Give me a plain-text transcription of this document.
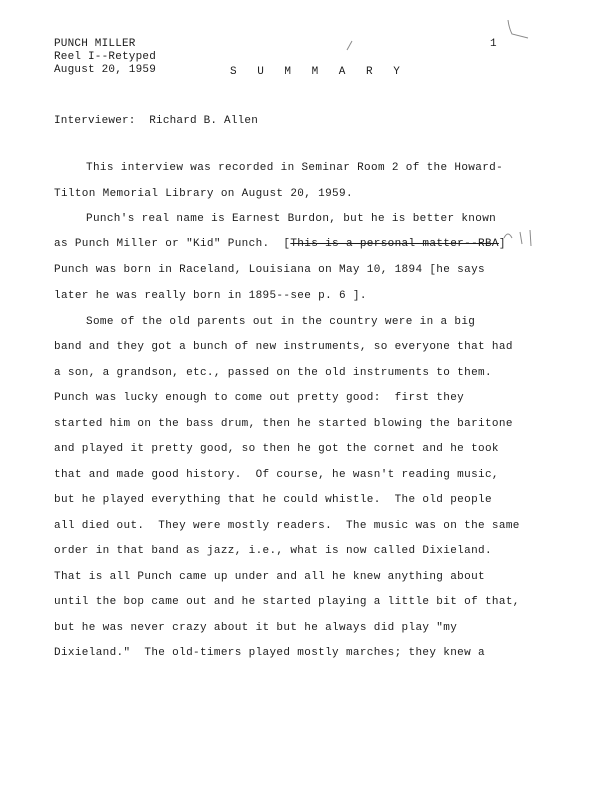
PUNCH MILLER
Reel I--Retyped
August 20, 1959	S U M M A R Y
1
Interviewer:  Richard B. Allen
This interview was recorded in Seminar Room 2 of the Howard-
Tilton Memorial Library on August 20, 1959.
Punch's real name is Earnest Burdon, but he is better known
as Punch Miller or "Kid" Punch.  [This is a personal matter--RBA]
Punch was born in Raceland, Louisiana on May 10, 1894 [he says
later he was really born in 1895--see p. 6 ].
Some of the old parents out in the country were in a big
band and they got a bunch of new instruments, so everyone that had
a son, a grandson, etc., passed on the old instruments to them.
Punch was lucky enough to come out pretty good:  first they
started him on the bass drum, then he started blowing the baritone
and played it pretty good, so then he got the cornet and he took
that and made good history.  Of course, he wasn't reading music,
but he played everything that he could whistle.  The old people
all died out.  They were mostly readers.  The music was on the same
order in that band as jazz, i.e., what is now called Dixieland.
That is all Punch came up under and all he knew anything about
until the bop came out and he started playing a little bit of that,
but he was never crazy about it but he always did play "my
Dixieland."  The old-timers played mostly marches; they knew a
